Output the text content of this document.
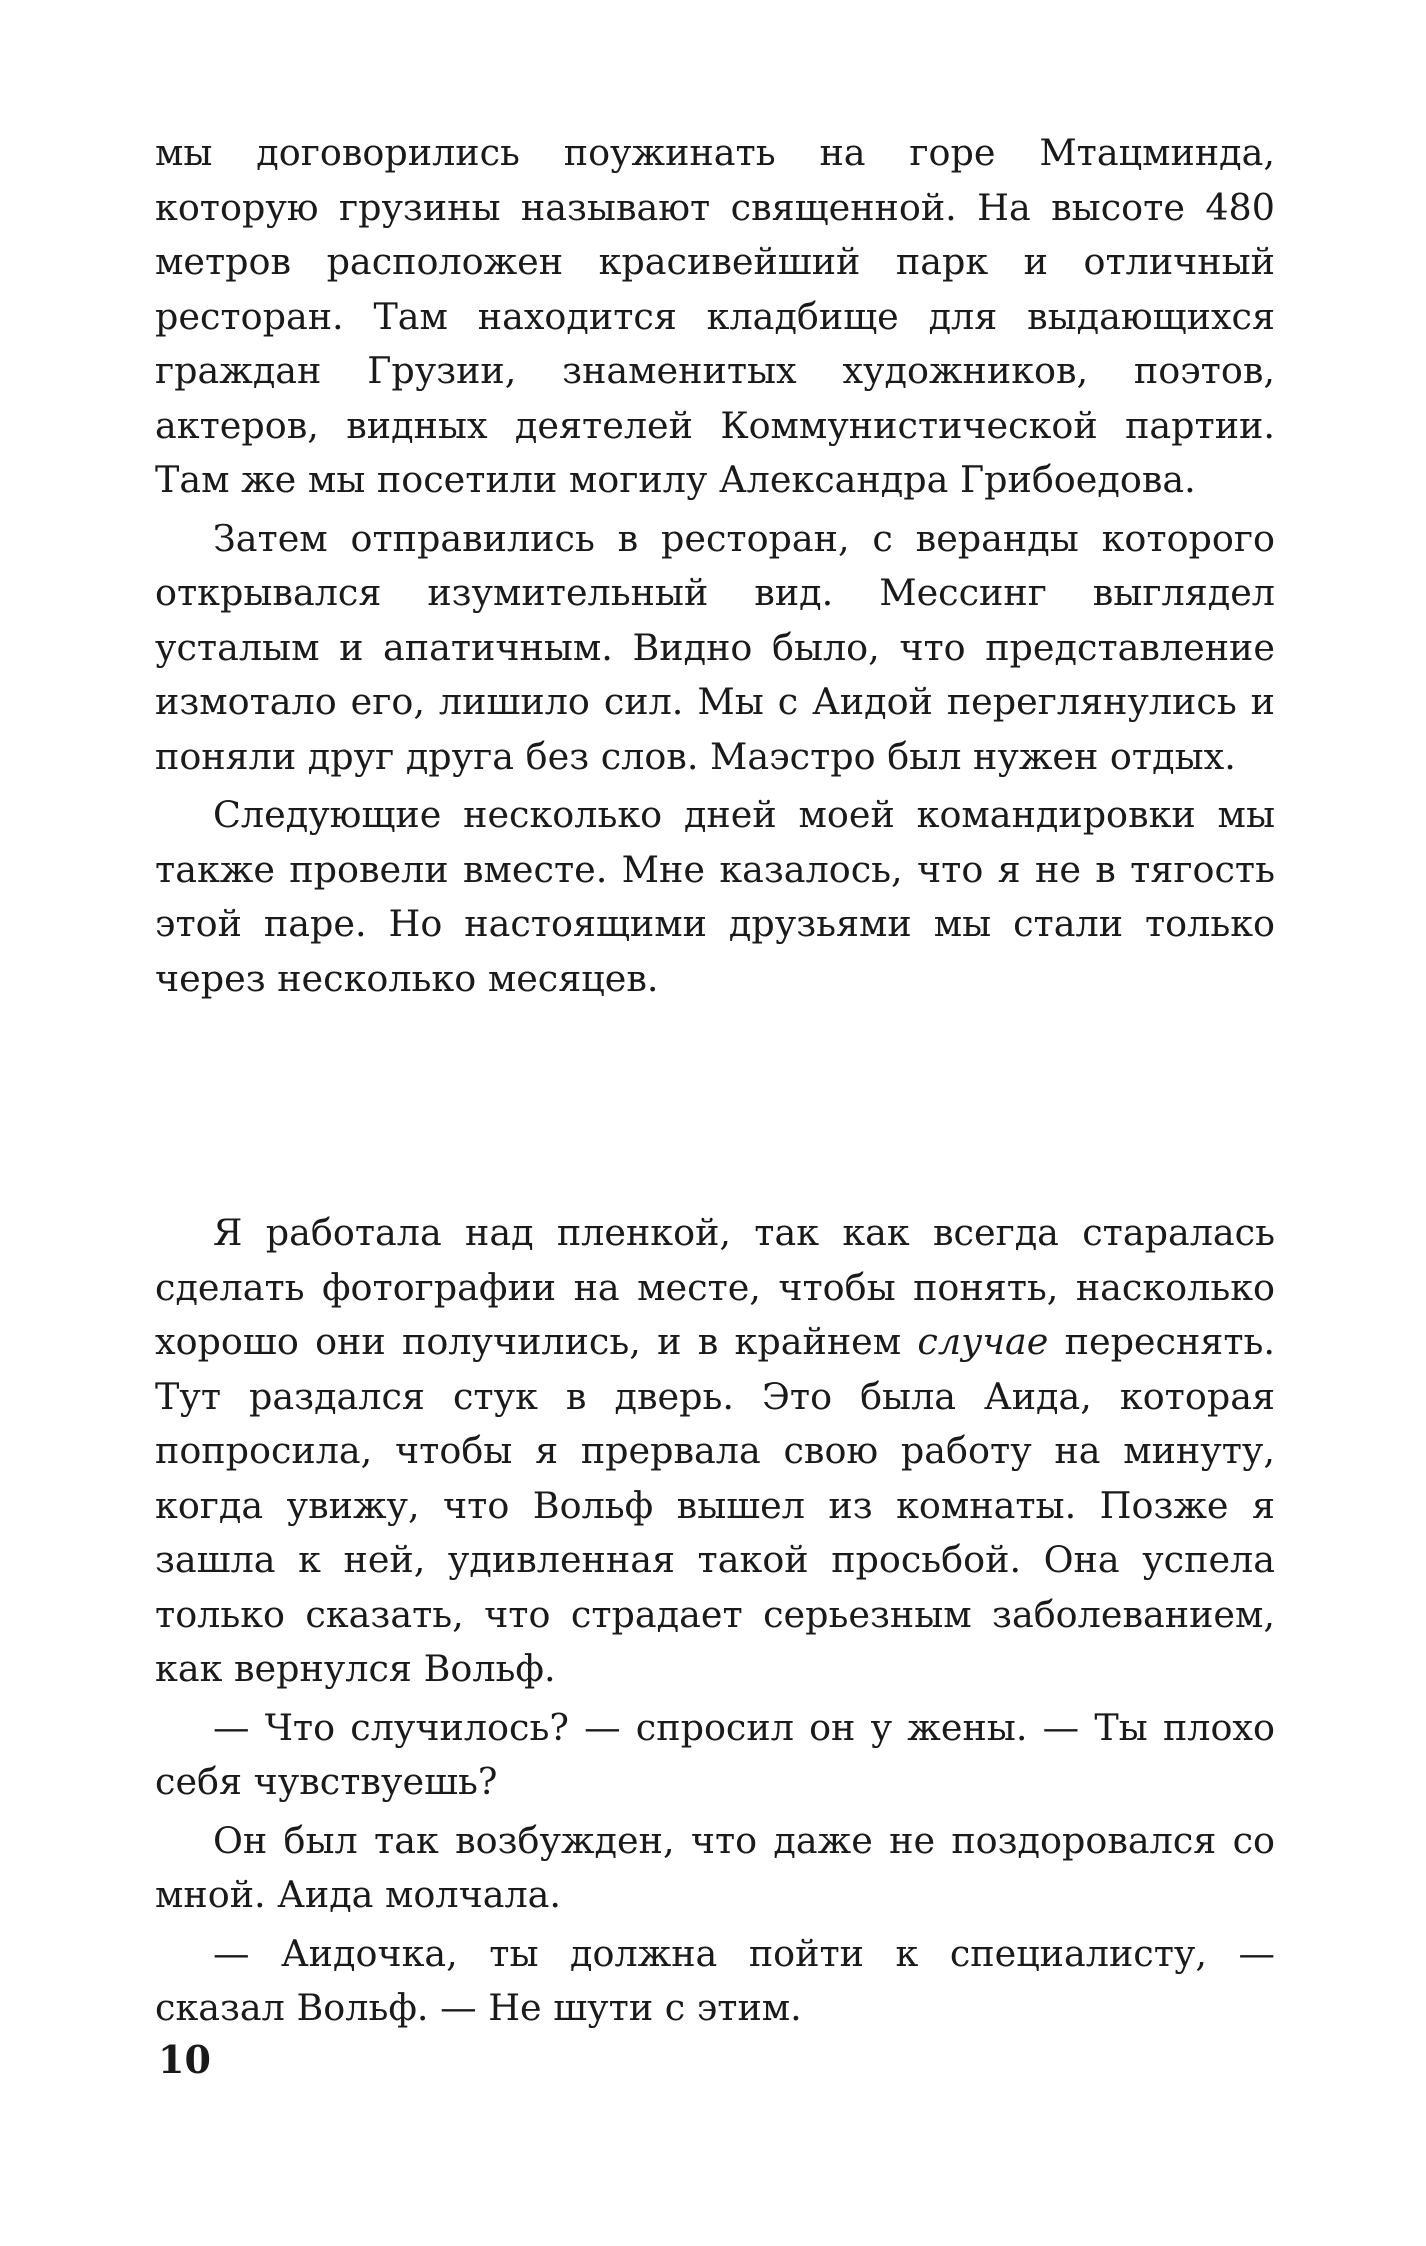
мы договорились поужинать на горе Мтацминда, которую грузины называют священной. На высоте 480 метров расположен красивейший парк и отличный ресторан. Там находится кладбище для выдающихся граждан Грузии, знаменитых художников, поэтов, актеров, видных деятелей Коммунистической партии. Там же мы посетили могилу Александра Грибоедова.

Затем отправились в ресторан, с веранды которого открывался изумительный вид. Мессинг выглядел усталым и апатичным. Видно было, что представление измотало его, лишило сил. Мы с Аидой переглянулись и поняли друг друга без слов. Маэстро был нужен отдых.

Следующие несколько дней моей командировки мы также провели вместе. Мне казалось, что я не в тягость этой паре. Но настоящими друзьями мы стали только через несколько месяцев.

Я работала над пленкой, так как всегда старалась сделать фотографии на месте, чтобы понять, насколько хорошо они получились, и в крайнем случае переснять. Тут раздался стук в дверь. Это была Аида, которая попросила, чтобы я прервала свою работу на минуту, когда увижу, что Вольф вышел из комнаты. Позже я зашла к ней, удивленная такой просьбой. Она успела только сказать, что страдает серьезным заболеванием, как вернулся Вольф.

— Что случилось? — спросил он у жены. — Ты плохо себя чувствуешь?

Он был так возбужден, что даже не поздоровался со мной. Аида молчала.

— Аидочка, ты должна пойти к специалисту, — сказал Вольф. — Не шути с этим.

10
